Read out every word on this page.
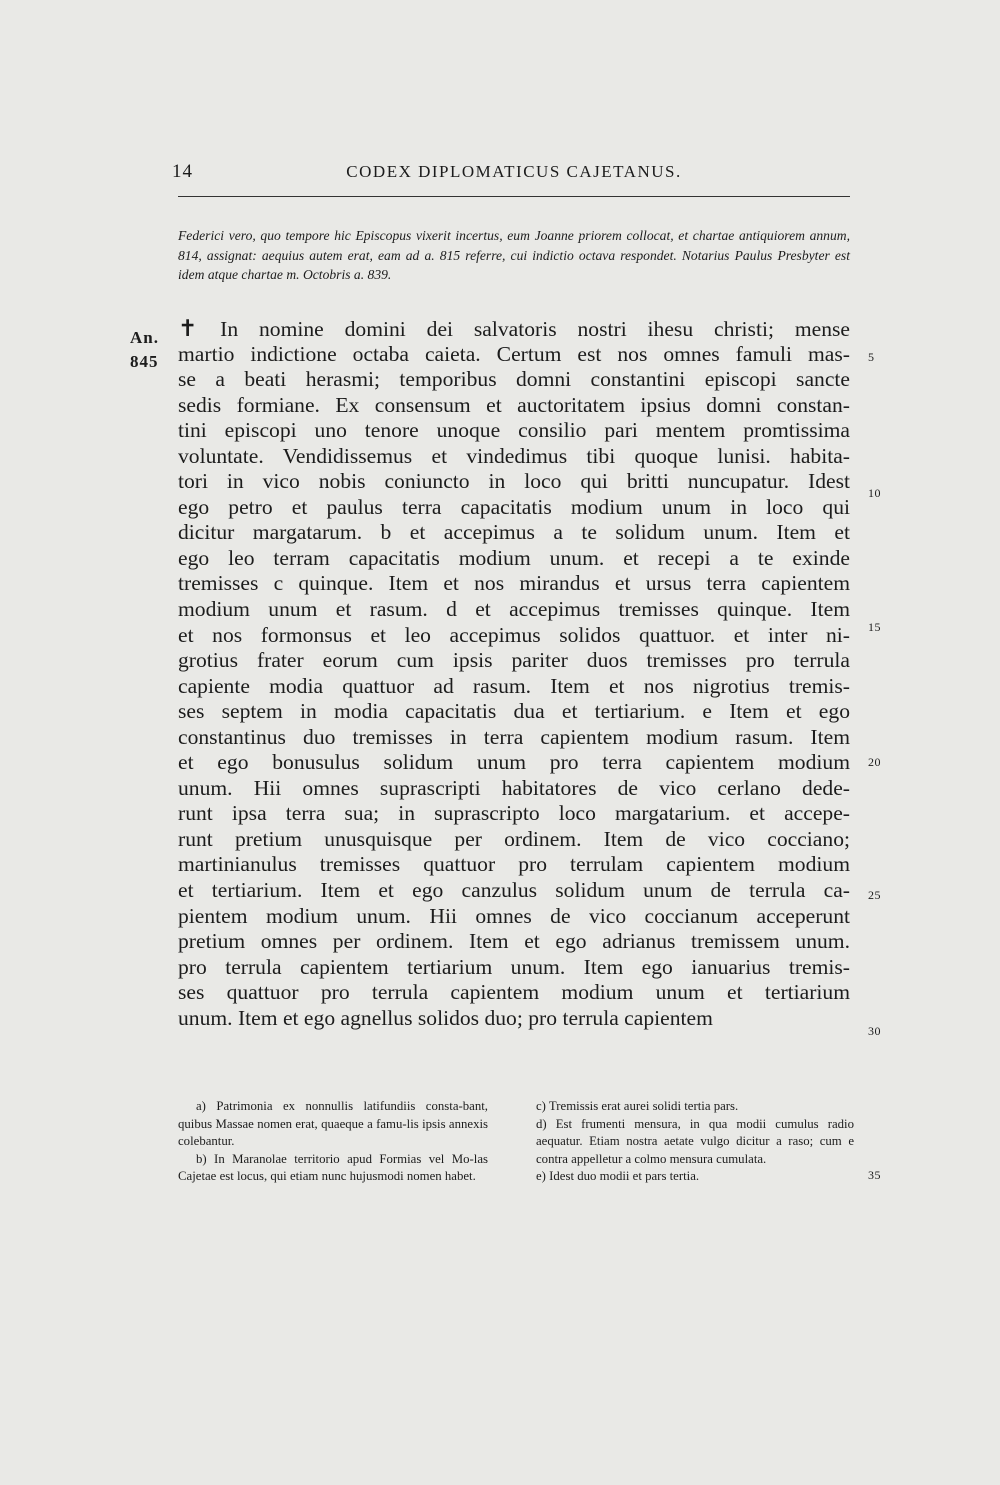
14	CODEX DIPLOMATICUS CAJETANUS.
Federici vero, quo tempore hic Episcopus vixerit incertus, eum Joanne priorem collocat, et chartae antiquiorem annum, 814, assignat: aequius autem erat, eam ad a. 815 referre, cui indictio octava respondet. Notarius Paulus Presbyter est idem atque chartae m. Octobris a. 839.
An.
845
✝ In nomine domini dei salvatoris nostri ihesu christi; mense
martio indictione octaba caieta. Certum est nos omnes famuli mas-
se a beati herasmi; temporibus domni constantini episcopi sancte
sedis formiane. Ex consensum et auctoritatem ipsius domni constan-
tini episcopi uno tenore unoque consilio pari mentem promtissima
voluntate. Vendidissemus et vindedimus tibi quoque lunisi. habita-
tori in vico nobis coniuncto in loco qui britti nuncupatur. Idest
ego petro et paulus terra capacitatis modium unum in loco qui
dicitur margatarum. b et accepimus a te solidum unum. Item et
ego leo terram capacitatis modium unum. et recepi a te exinde
tremisses c quinque. Item et nos mirandus et ursus terra capientem
modium unum et rasum. d et accepimus tremisses quinque. Item
et nos formonsus et leo accepimus solidos quattuor. et inter ni-
grotius frater eorum cum ipsis pariter duos tremisses pro terrula
capiente modia quattuor ad rasum. Item et nos nigrotius tremis-
ses septem in modia capacitatis dua et tertiarium. e Item et ego
constantinus duo tremisses in terra capientem modium rasum. Item
et ego bonusulus solidum unum pro terra capientem modium
unum. Hii omnes suprascripti habitatores de vico cerlano dede-
runt ipsa terra sua; in suprascripto loco margatarium. et accepe-
runt pretium unusquisque per ordinem. Item de vico cocciano;
martinianulus tremisses quattuor pro terrulam capientem modium
et tertiarium. Item et ego canzulus solidum unum de terrula ca-
pientem modium unum. Hii omnes de vico coccianum acceperunt
pretium omnes per ordinem. Item et ego adrianus tremissem unum.
pro terrula capientem tertiarium unum. Item ego ianuarius tremis-
ses quattuor pro terrula capientem modium unum et tertiarium
unum. Item et ego agnellus solidos duo; pro terrula capientem
5
10
15
20
25
30
35
a) Patrimonia ex nonnullis latifundiis consta-bant, quibus Massae nomen erat, quaeque a famu-lis ipsis annexis colebantur.
b) In Maranolae territorio apud Formias vel Mo-las Cajetae est locus, qui etiam nunc hujusmodi nomen habet.
c) Tremissis erat aurei solidi tertia pars.
d) Est frumenti mensura, in qua modii cumulus radio aequatur. Etiam nostra aetate vulgo dicitur a raso; cum e contra appelletur a colmo mensura cumulata.
e) Idest duo modii et pars tertia.
